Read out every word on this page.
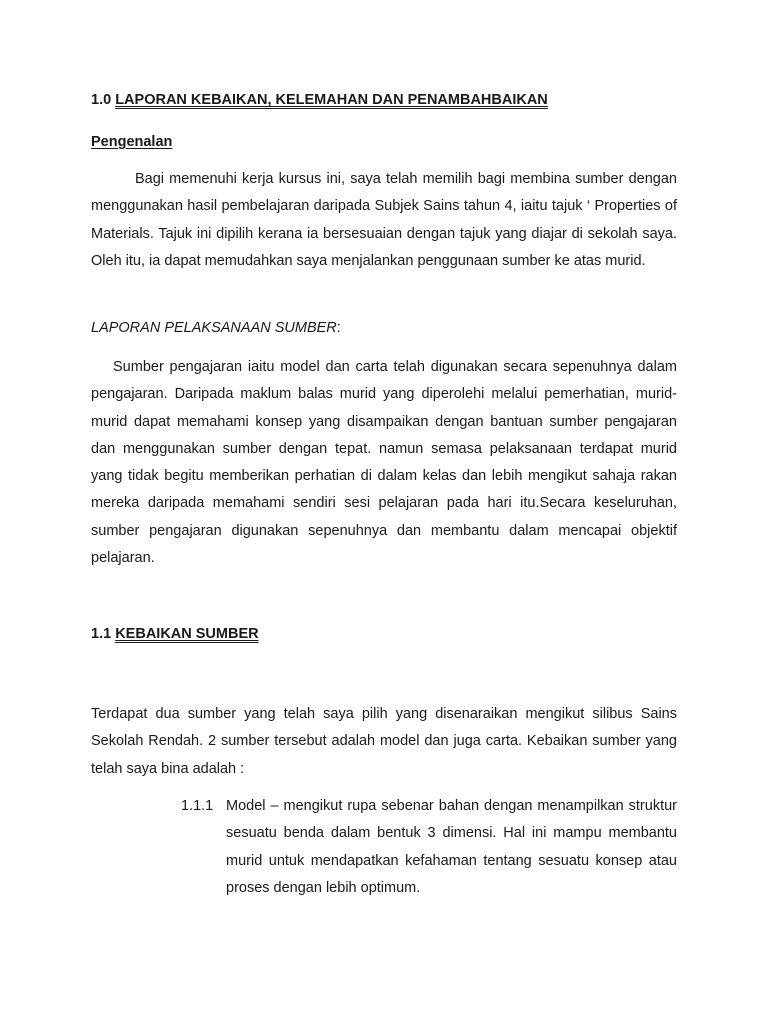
1.0 LAPORAN KEBAIKAN, KELEMAHAN DAN PENAMBAHBAIKAN
Pengenalan
Bagi memenuhi kerja kursus ini, saya telah memilih bagi membina sumber dengan menggunakan hasil pembelajaran daripada Subjek Sains tahun 4, iaitu tajuk ‘ Properties of Materials. Tajuk ini dipilih kerana ia bersesuaian dengan tajuk yang diajar di sekolah saya. Oleh itu, ia dapat memudahkan saya menjalankan penggunaan sumber ke atas murid.
LAPORAN PELAKSANAAN SUMBER:
Sumber pengajaran iaitu model dan carta telah digunakan secara sepenuhnya dalam pengajaran. Daripada maklum balas murid yang diperolehi melalui pemerhatian, murid-murid dapat memahami konsep yang disampaikan dengan bantuan sumber pengajaran dan menggunakan sumber dengan tepat. namun semasa pelaksanaan terdapat murid yang tidak begitu memberikan perhatian di dalam kelas dan lebih mengikut sahaja rakan mereka daripada memahami sendiri sesi pelajaran pada hari itu.Secara keseluruhan, sumber pengajaran digunakan sepenuhnya dan membantu dalam mencapai objektif pelajaran.
1.1 KEBAIKAN SUMBER
Terdapat dua sumber yang telah saya pilih yang disenaraikan mengikut silibus Sains Sekolah Rendah. 2 sumber tersebut adalah model dan juga carta. Kebaikan sumber yang telah saya bina adalah :
1.1.1 Model – mengikut rupa sebenar bahan dengan menampilkan struktur sesuatu benda dalam bentuk 3 dimensi. Hal ini mampu membantu murid untuk mendapatkan kefahaman tentang sesuatu konsep atau proses dengan lebih optimum.
